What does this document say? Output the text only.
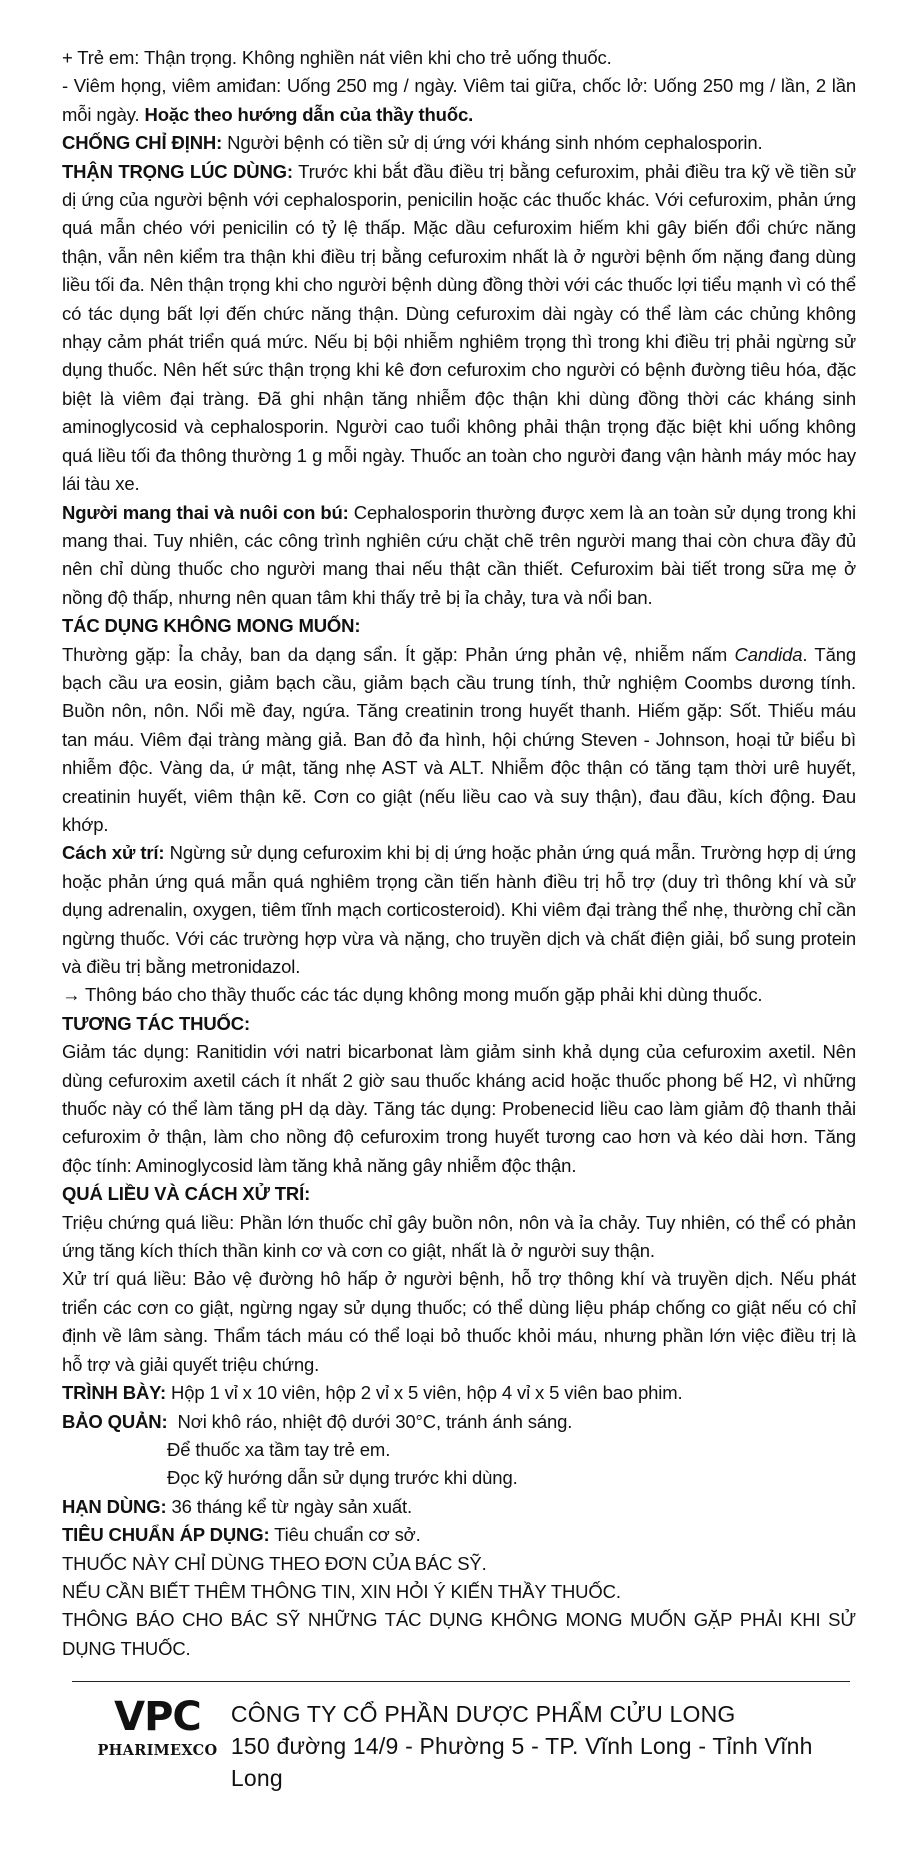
+ Trẻ em: Thận trọng. Không nghiền nát viên khi cho trẻ uống thuốc.

- Viêm họng, viêm amiđan: Uống 250 mg / ngày. Viêm tai giữa, chốc lở: Uống 250 mg / lần, 2 lần mỗi ngày. Hoặc theo hướng dẫn của thầy thuốc.

CHỐNG CHỈ ĐỊNH: Người bệnh có tiền sử dị ứng với kháng sinh nhóm cephalosporin.

THẬN TRỌNG LÚC DÙNG: Trước khi bắt đầu điều trị bằng cefuroxim, phải điều tra kỹ về tiền sử dị ứng của người bệnh với cephalosporin, penicilin hoặc các thuốc khác. Với cefuroxim, phản ứng quá mẫn chéo với penicilin có tỷ lệ thấp. Mặc dầu cefuroxim hiếm khi gây biến đổi chức năng thận, vẫn nên kiểm tra thận khi điều trị bằng cefuroxim nhất là ở người bệnh ốm nặng đang dùng liều tối đa. Nên thận trọng khi cho người bệnh dùng đồng thời với các thuốc lợi tiểu mạnh vì có thể có tác dụng bất lợi đến chức năng thận. Dùng cefuroxim dài ngày có thể làm các chủng không nhạy cảm phát triển quá mức. Nếu bị bội nhiễm nghiêm trọng thì trong khi điều trị phải ngừng sử dụng thuốc. Nên hết sức thận trọng khi kê đơn cefuroxim cho người có bệnh đường tiêu hóa, đặc biệt là viêm đại tràng. Đã ghi nhận tăng nhiễm độc thận khi dùng đồng thời các kháng sinh aminoglycosid và cephalosporin. Người cao tuổi không phải thận trọng đặc biệt khi uống không quá liều tối đa thông thường 1 g mỗi ngày. Thuốc an toàn cho người đang vận hành máy móc hay lái tàu xe.

Người mang thai và nuôi con bú: Cephalosporin thường được xem là an toàn sử dụng trong khi mang thai. Tuy nhiên, các công trình nghiên cứu chặt chẽ trên người mang thai còn chưa đầy đủ nên chỉ dùng thuốc cho người mang thai nếu thật cần thiết. Cefuroxim bài tiết trong sữa mẹ ở nồng độ thấp, nhưng nên quan tâm khi thấy trẻ bị ỉa chảy, tưa và nổi ban.

TÁC DỤNG KHÔNG MONG MUỐN:

Thường gặp: Ỉa chảy, ban da dạng sẩn. Ít gặp: Phản ứng phản vệ, nhiễm nấm Candida. Tăng bạch cầu ưa eosin, giảm bạch cầu, giảm bạch cầu trung tính, thử nghiệm Coombs dương tính. Buồn nôn, nôn. Nổi mề đay, ngứa. Tăng creatinin trong huyết thanh. Hiếm gặp: Sốt. Thiếu máu tan máu. Viêm đại tràng màng giả. Ban đỏ đa hình, hội chứng Steven - Johnson, hoại tử biểu bì nhiễm độc. Vàng da, ứ mật, tăng nhẹ AST và ALT. Nhiễm độc thận có tăng tạm thời urê huyết, creatinin huyết, viêm thận kẽ. Cơn co giật (nếu liều cao và suy thận), đau đầu, kích động. Đau khớp.

Cách xử trí: Ngừng sử dụng cefuroxim khi bị dị ứng hoặc phản ứng quá mẫn. Trường hợp dị ứng hoặc phản ứng quá mẫn quá nghiêm trọng cần tiến hành điều trị hỗ trợ (duy trì thông khí và sử dụng adrenalin, oxygen, tiêm tĩnh mạch corticosteroid). Khi viêm đại tràng thể nhẹ, thường chỉ cần ngừng thuốc. Với các trường hợp vừa và nặng, cho truyền dịch và chất điện giải, bổ sung protein và điều trị bằng metronidazol.

→ Thông báo cho thầy thuốc các tác dụng không mong muốn gặp phải khi dùng thuốc.

TƯƠNG TÁC THUỐC:

Giảm tác dụng: Ranitidin với natri bicarbonat làm giảm sinh khả dụng của cefuroxim axetil. Nên dùng cefuroxim axetil cách ít nhất 2 giờ sau thuốc kháng acid hoặc thuốc phong bế H2, vì những thuốc này có thể làm tăng pH dạ dày. Tăng tác dụng: Probenecid liều cao làm giảm độ thanh thải cefuroxim ở thận, làm cho nồng độ cefuroxim trong huyết tương cao hơn và kéo dài hơn. Tăng độc tính: Aminoglycosid làm tăng khả năng gây nhiễm độc thận.

QUÁ LIỀU VÀ CÁCH XỬ TRÍ:

Triệu chứng quá liều: Phần lớn thuốc chỉ gây buồn nôn, nôn và ỉa chảy. Tuy nhiên, có thể có phản ứng tăng kích thích thần kinh cơ và cơn co giật, nhất là ở người suy thận.

Xử trí quá liều: Bảo vệ đường hô hấp ở người bệnh, hỗ trợ thông khí và truyền dịch. Nếu phát triển các cơn co giật, ngừng ngay sử dụng thuốc; có thể dùng liệu pháp chống co giật nếu có chỉ định về lâm sàng. Thẩm tách máu có thể loại bỏ thuốc khỏi máu, nhưng phần lớn việc điều trị là hỗ trợ và giải quyết triệu chứng.

TRÌNH BÀY: Hộp 1 vỉ x 10 viên, hộp 2 vỉ x 5 viên, hộp 4 vỉ x 5 viên bao phim.

BẢO QUẢN: Nơi khô ráo, nhiệt độ dưới 30°C, tránh ánh sáng.

Để thuốc xa tầm tay trẻ em.

Đọc kỹ hướng dẫn sử dụng trước khi dùng.

HẠN DÙNG: 36 tháng kể từ ngày sản xuất.

TIÊU CHUẨN ÁP DỤNG: Tiêu chuẩn cơ sở.

THUỐC NÀY CHỈ DÙNG THEO ĐƠN CỦA BÁC SỸ.

NẾU CẦN BIẾT THÊM THÔNG TIN, XIN HỎI Ý KIẾN THẦY THUỐC.

THÔNG BÁO CHO BÁC SỸ NHỮNG TÁC DỤNG KHÔNG MONG MUỐN GẶP PHẢI KHI SỬ DỤNG THUỐC.

VPC
PHARIMEXCO
CÔNG TY CỔ PHẦN DƯỢC PHẨM CỬU LONG
150 đường 14/9 - Phường 5 - TP. Vĩnh Long - Tỉnh Vĩnh Long
